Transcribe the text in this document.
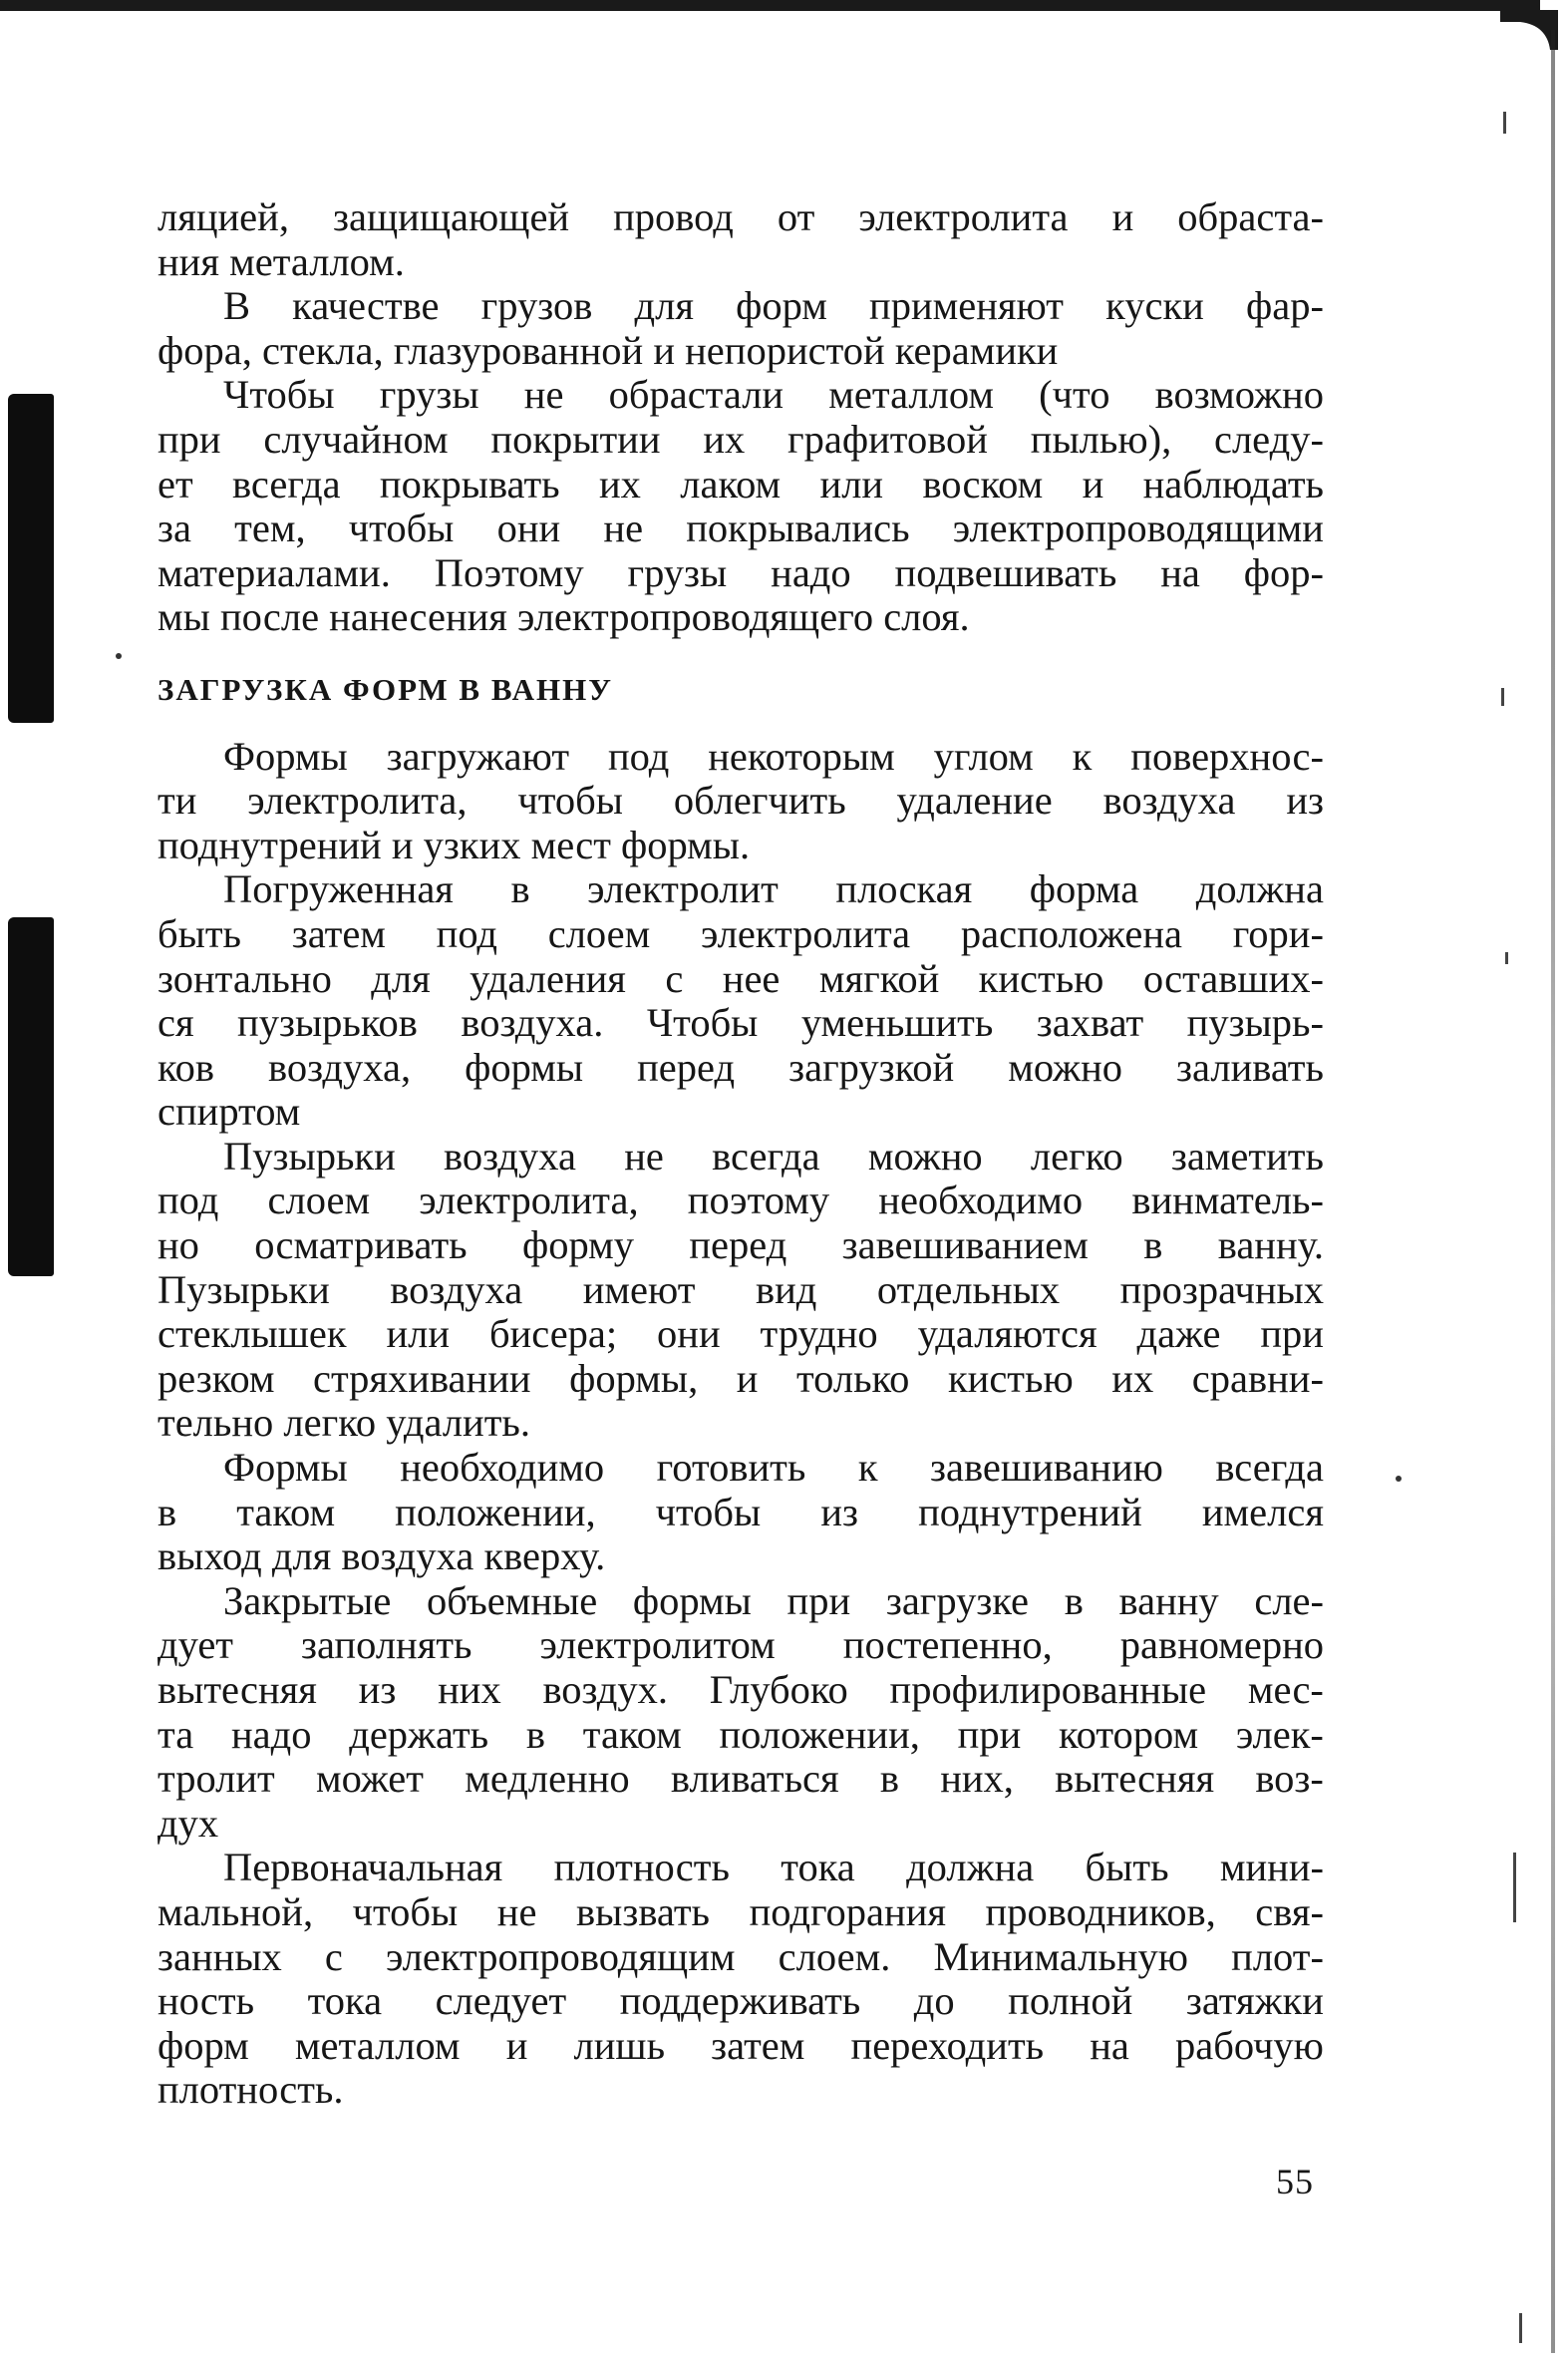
ляцией, защищающей провод от электролита и обраста-
ния металлом.
В качестве грузов для форм применяют куски фар-
фора, стекла, глазурованной и непористой керамики
Чтобы грузы не обрастали металлом (что возможно
при случайном покрытии их графитовой пылью), следу-
ет всегда покрывать их лаком или воском и наблюдать
за тем, чтобы они не покрывались электропроводящими
материалами. Поэтому грузы надо подвешивать на фор-
мы после нанесения электропроводящего слоя.
ЗАГРУЗКА ФОРМ В ВАННУ
Формы загружают под некоторым углом к поверхнос-
ти электролита, чтобы облегчить удаление воздуха из
поднутрений и узких мест формы.
Погруженная в электролит плоская форма должна
быть затем под слоем электролита расположена гори-
зонтально для удаления с нее мягкой кистью оставших-
ся пузырьков воздуха. Чтобы уменьшить захват пузырь-
ков воздуха, формы перед загрузкой можно заливать
спиртом
Пузырьки воздуха не всегда можно легко заметить
под слоем электролита, поэтому необходимо винматель-
но осматривать форму перед завешиванием в ванну.
Пузырьки воздуха имеют вид отдельных прозрачных
стеклышек или бисера; они трудно удаляются даже при
резком стряхивании формы, и только кистью их сравни-
тельно легко удалить.
Формы необходимо готовить к завешиванию всегда
в таком положении, чтобы из поднутрений имелся
выход для воздуха кверху.
Закрытые объемные формы при загрузке в ванну сле-
дует заполнять электролитом постепенно, равномерно
вытесняя из них воздух. Глубоко профилированные мес-
та надо держать в таком положении, при котором элек-
тролит может медленно вливаться в них, вытесняя воз-
дух
Первоначальная плотность тока должна быть мини-
мальной, чтобы не вызвать подгорания проводников, свя-
занных с электропроводящим слоем. Минимальную плот-
ность тока следует поддерживать до полной затяжки
форм металлом и лишь затем переходить на рабочую
плотность.
55
